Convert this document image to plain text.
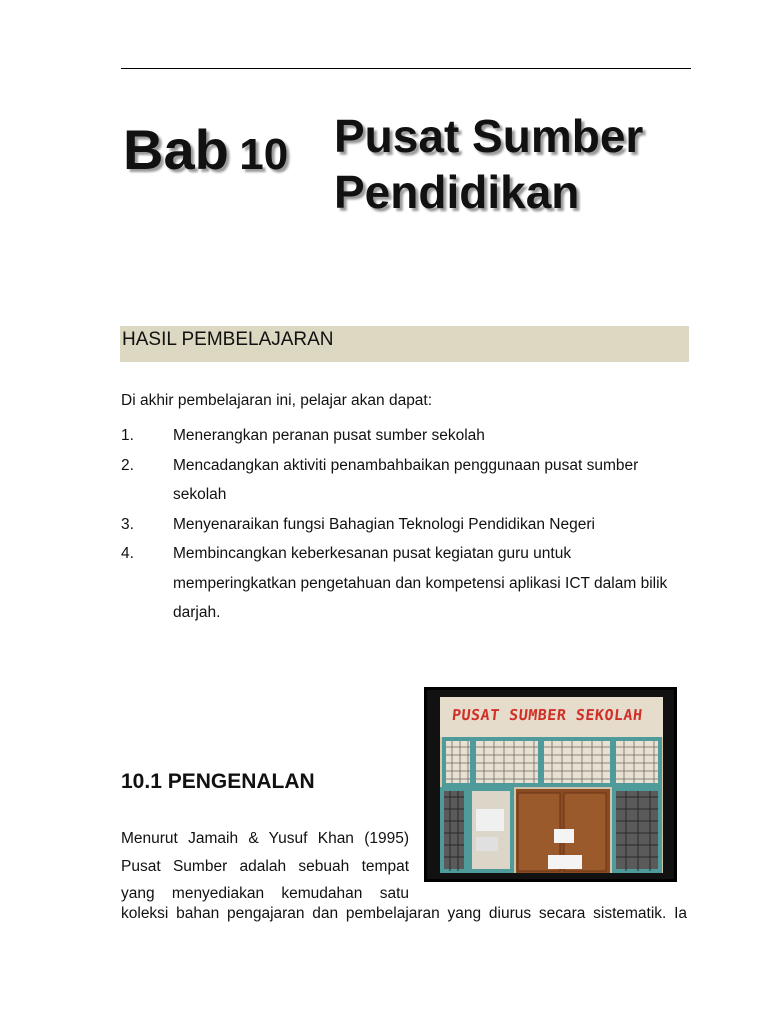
Bab 10 Pusat Sumber
Pendidikan
HASIL PEMBELAJARAN
Di akhir pembelajaran ini, pelajar akan dapat:
1.	Menerangkan peranan pusat sumber sekolah
2.	Mencadangkan aktiviti penambahbaikan penggunaan pusat sumber sekolah
3.	Menyenaraikan fungsi Bahagian Teknologi Pendidikan Negeri
4.	Membincangkan keberkesanan pusat kegiatan guru untuk memperingkatkan pengetahuan dan kompetensi aplikasi ICT dalam bilik darjah.
PUSAT SUMBER SEKOLAH
10.1 PENGENALAN
Menurut Jamaih & Yusuf Khan (1995)
Pusat Sumber adalah sebuah tempat
yang menyediakan kemudahan satu
koleksi bahan pengajaran dan pembelajaran yang diurus secara sistematik. Ia
